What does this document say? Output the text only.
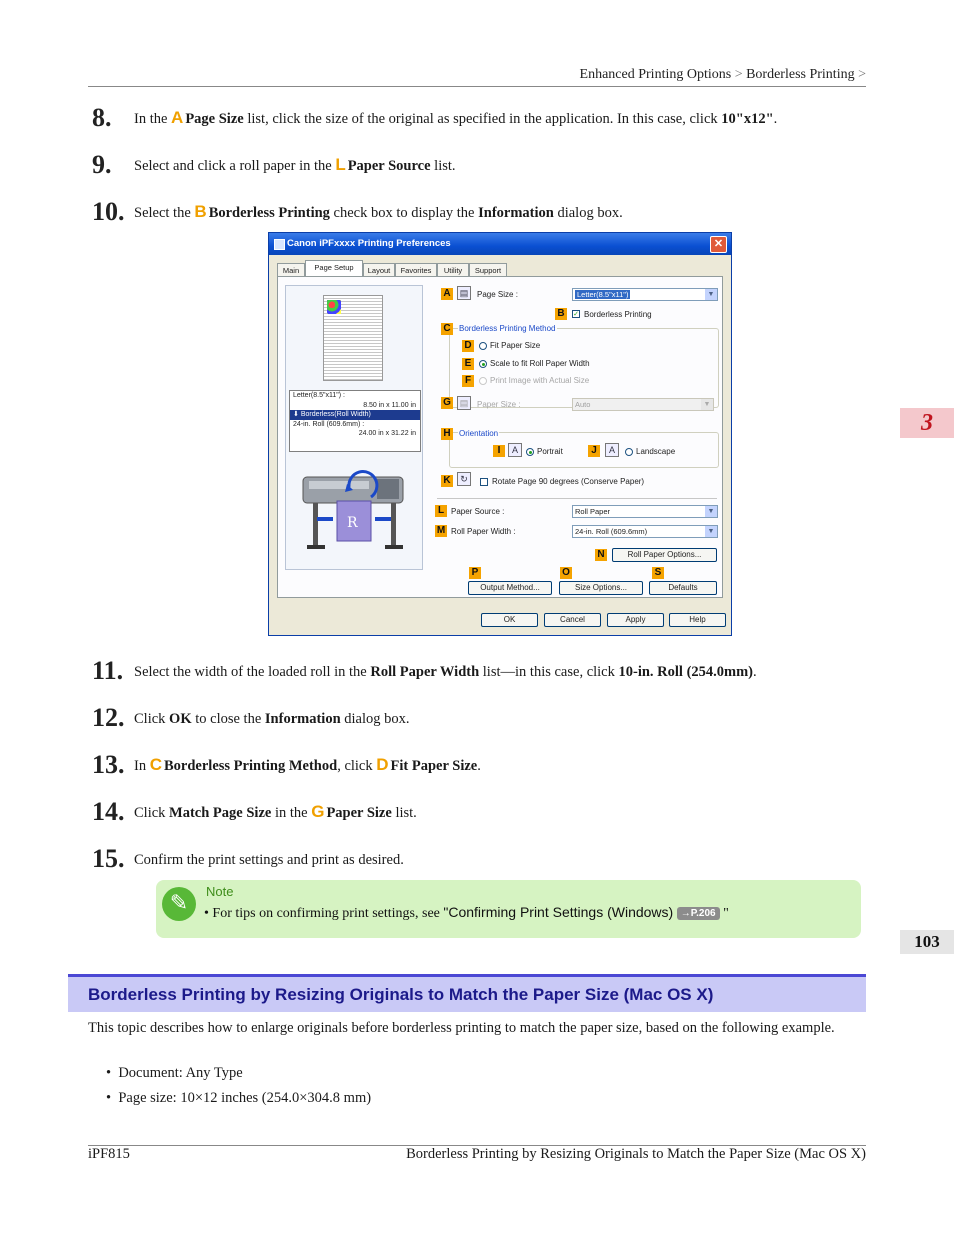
Enhanced Printing Options > Borderless Printing >
3
103
8. In the A Page Size list, click the size of the original as specified in the application. In this case, click 10"x12".
9. Select and click a roll paper in the L Paper Source list.
10. Select the B Borderless Printing check box to display the Information dialog box.
Canon iPFxxxx Printing Preferences	✕
Main	Page Setup	Layout	Favorites	Utility	Support
Letter(8.5"x11") :
8.50 in x 11.00 in
⬇ Borderless(Roll Width)
24-in. Roll (609.6mm) :
24.00 in x 31.22 in
R
A	▤	Page Size :	Letter(8.5"x11")	▼
B	✓ Borderless Printing
C Borderless Printing Method
D Fit Paper Size
E	Scale to fit Roll Paper Width
F	Print Image with Actual Size
G ▤	Paper Size :	Auto	▼
H Orientation
I	A	Portrait	J	A	Landscape
K	↻	Rotate Page 90 degrees (Conserve Paper)
L Paper Source :	Roll Paper	▼
M Roll Paper Width :	24-in. Roll (609.6mm)	▼
N	Roll Paper Options...
P	O	S
Output Method...	Size Options...	Defaults
OK	Cancel	Apply	Help
11. Select the width of the loaded roll in the Roll Paper Width list—in this case, click 10-in. Roll (254.0mm).
12. Click OK to close the Information dialog box.
13. In C Borderless Printing Method, click D Fit Paper Size.
14. Click Match Page Size in the G Paper Size list.
15. Confirm the print settings and print as desired.
✎	Note
• For tips on confirming print settings, see "Confirming Print Settings (Windows) →P.206 "
Borderless Printing by Resizing Originals to Match the Paper Size (Mac OS X)
This topic describes how to enlarge originals before borderless printing to match the paper size, based on the following example.
•  Document: Any Type
•  Page size: 10×12 inches (254.0×304.8 mm)
iPF815	Borderless Printing by Resizing Originals to Match the Paper Size (Mac OS X)
